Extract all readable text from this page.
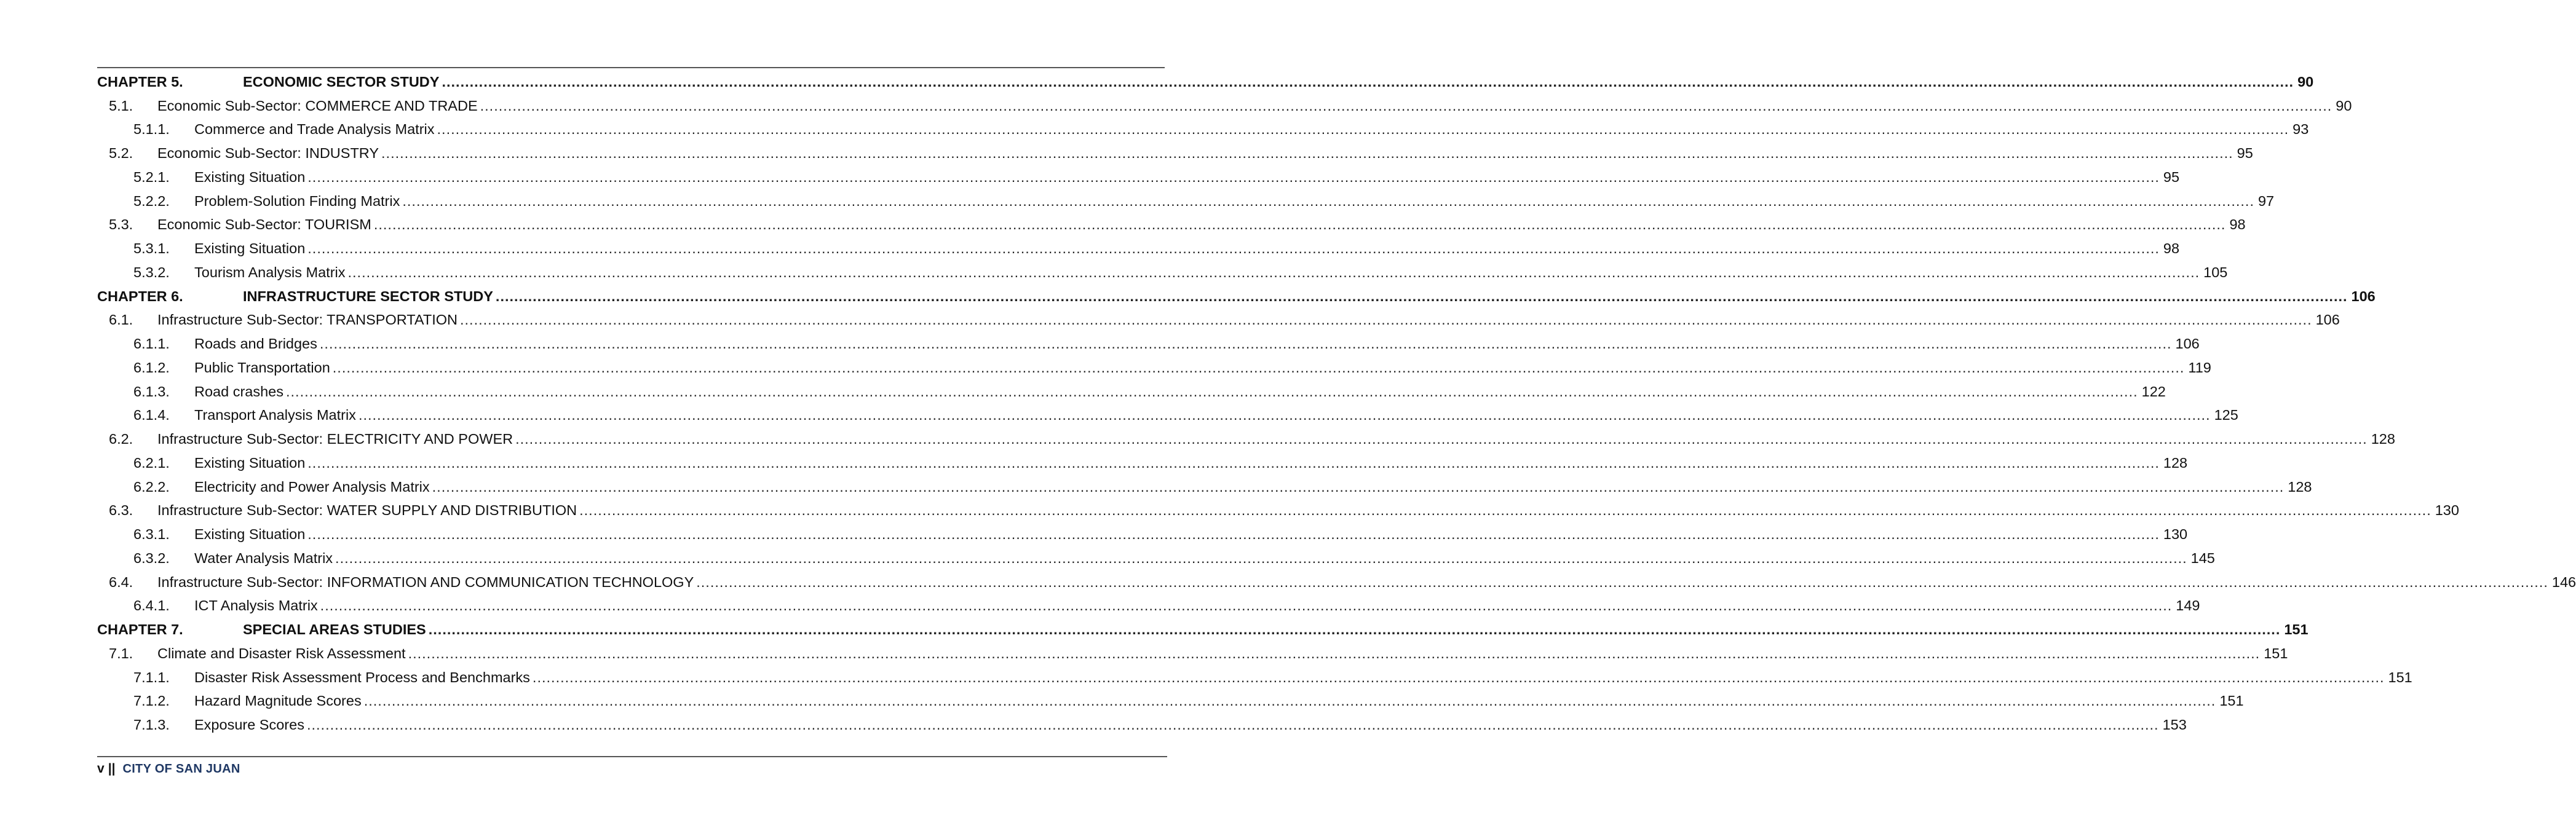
CHAPTER 5.	ECONOMIC SECTOR STUDY ................................................................................................................................................................................................................................................................................................................................................................................................................ 90
5.1.	Economic Sub-Sector: COMMERCE AND TRADE ................................................................................................................................................................................................................................................................................................................................................................................................................ 90
5.1.1.	Commerce and Trade Analysis Matrix ................................................................................................................................................................................................................................................................................................................................................................................................................ 93
5.2.	Economic Sub-Sector: INDUSTRY ................................................................................................................................................................................................................................................................................................................................................................................................................ 95
5.2.1.	Existing Situation ................................................................................................................................................................................................................................................................................................................................................................................................................ 95
5.2.2.	Problem-Solution Finding Matrix ................................................................................................................................................................................................................................................................................................................................................................................................................ 97
5.3.	Economic Sub-Sector: TOURISM ................................................................................................................................................................................................................................................................................................................................................................................................................ 98
5.3.1.	Existing Situation ................................................................................................................................................................................................................................................................................................................................................................................................................ 98
5.3.2.	Tourism Analysis Matrix ................................................................................................................................................................................................................................................................................................................................................................................................................ 105
CHAPTER 6.	INFRASTRUCTURE SECTOR STUDY ................................................................................................................................................................................................................................................................................................................................................................................................................ 106
6.1.	Infrastructure Sub-Sector: TRANSPORTATION ................................................................................................................................................................................................................................................................................................................................................................................................................ 106
6.1.1.	Roads and Bridges ................................................................................................................................................................................................................................................................................................................................................................................................................ 106
6.1.2.	Public Transportation ................................................................................................................................................................................................................................................................................................................................................................................................................ 119
6.1.3.	Road crashes ................................................................................................................................................................................................................................................................................................................................................................................................................ 122
6.1.4.	Transport Analysis Matrix ................................................................................................................................................................................................................................................................................................................................................................................................................ 125
6.2.	Infrastructure Sub-Sector: ELECTRICITY AND POWER ................................................................................................................................................................................................................................................................................................................................................................................................................ 128
6.2.1.	Existing Situation ................................................................................................................................................................................................................................................................................................................................................................................................................ 128
6.2.2.	Electricity and Power Analysis Matrix ................................................................................................................................................................................................................................................................................................................................................................................................................ 128
6.3.	Infrastructure Sub-Sector: WATER SUPPLY AND DISTRIBUTION ................................................................................................................................................................................................................................................................................................................................................................................................................ 130
6.3.1.	Existing Situation ................................................................................................................................................................................................................................................................................................................................................................................................................ 130
6.3.2.	Water Analysis Matrix ................................................................................................................................................................................................................................................................................................................................................................................................................ 145
6.4.	Infrastructure Sub-Sector: INFORMATION AND COMMUNICATION TECHNOLOGY ................................................................................................................................................................................................................................................................................................................................................................................................................ 146
6.4.1.	ICT Analysis Matrix ................................................................................................................................................................................................................................................................................................................................................................................................................ 149
CHAPTER 7.	SPECIAL AREAS STUDIES ................................................................................................................................................................................................................................................................................................................................................................................................................ 151
7.1.	Climate and Disaster Risk Assessment ................................................................................................................................................................................................................................................................................................................................................................................................................ 151
7.1.1.	Disaster Risk Assessment Process and Benchmarks ................................................................................................................................................................................................................................................................................................................................................................................................................ 151
7.1.2.	Hazard Magnitude Scores ................................................................................................................................................................................................................................................................................................................................................................................................................ 151
7.1.3.	Exposure Scores ................................................................................................................................................................................................................................................................................................................................................................................................................ 153
v || CITY OF SAN JUAN
